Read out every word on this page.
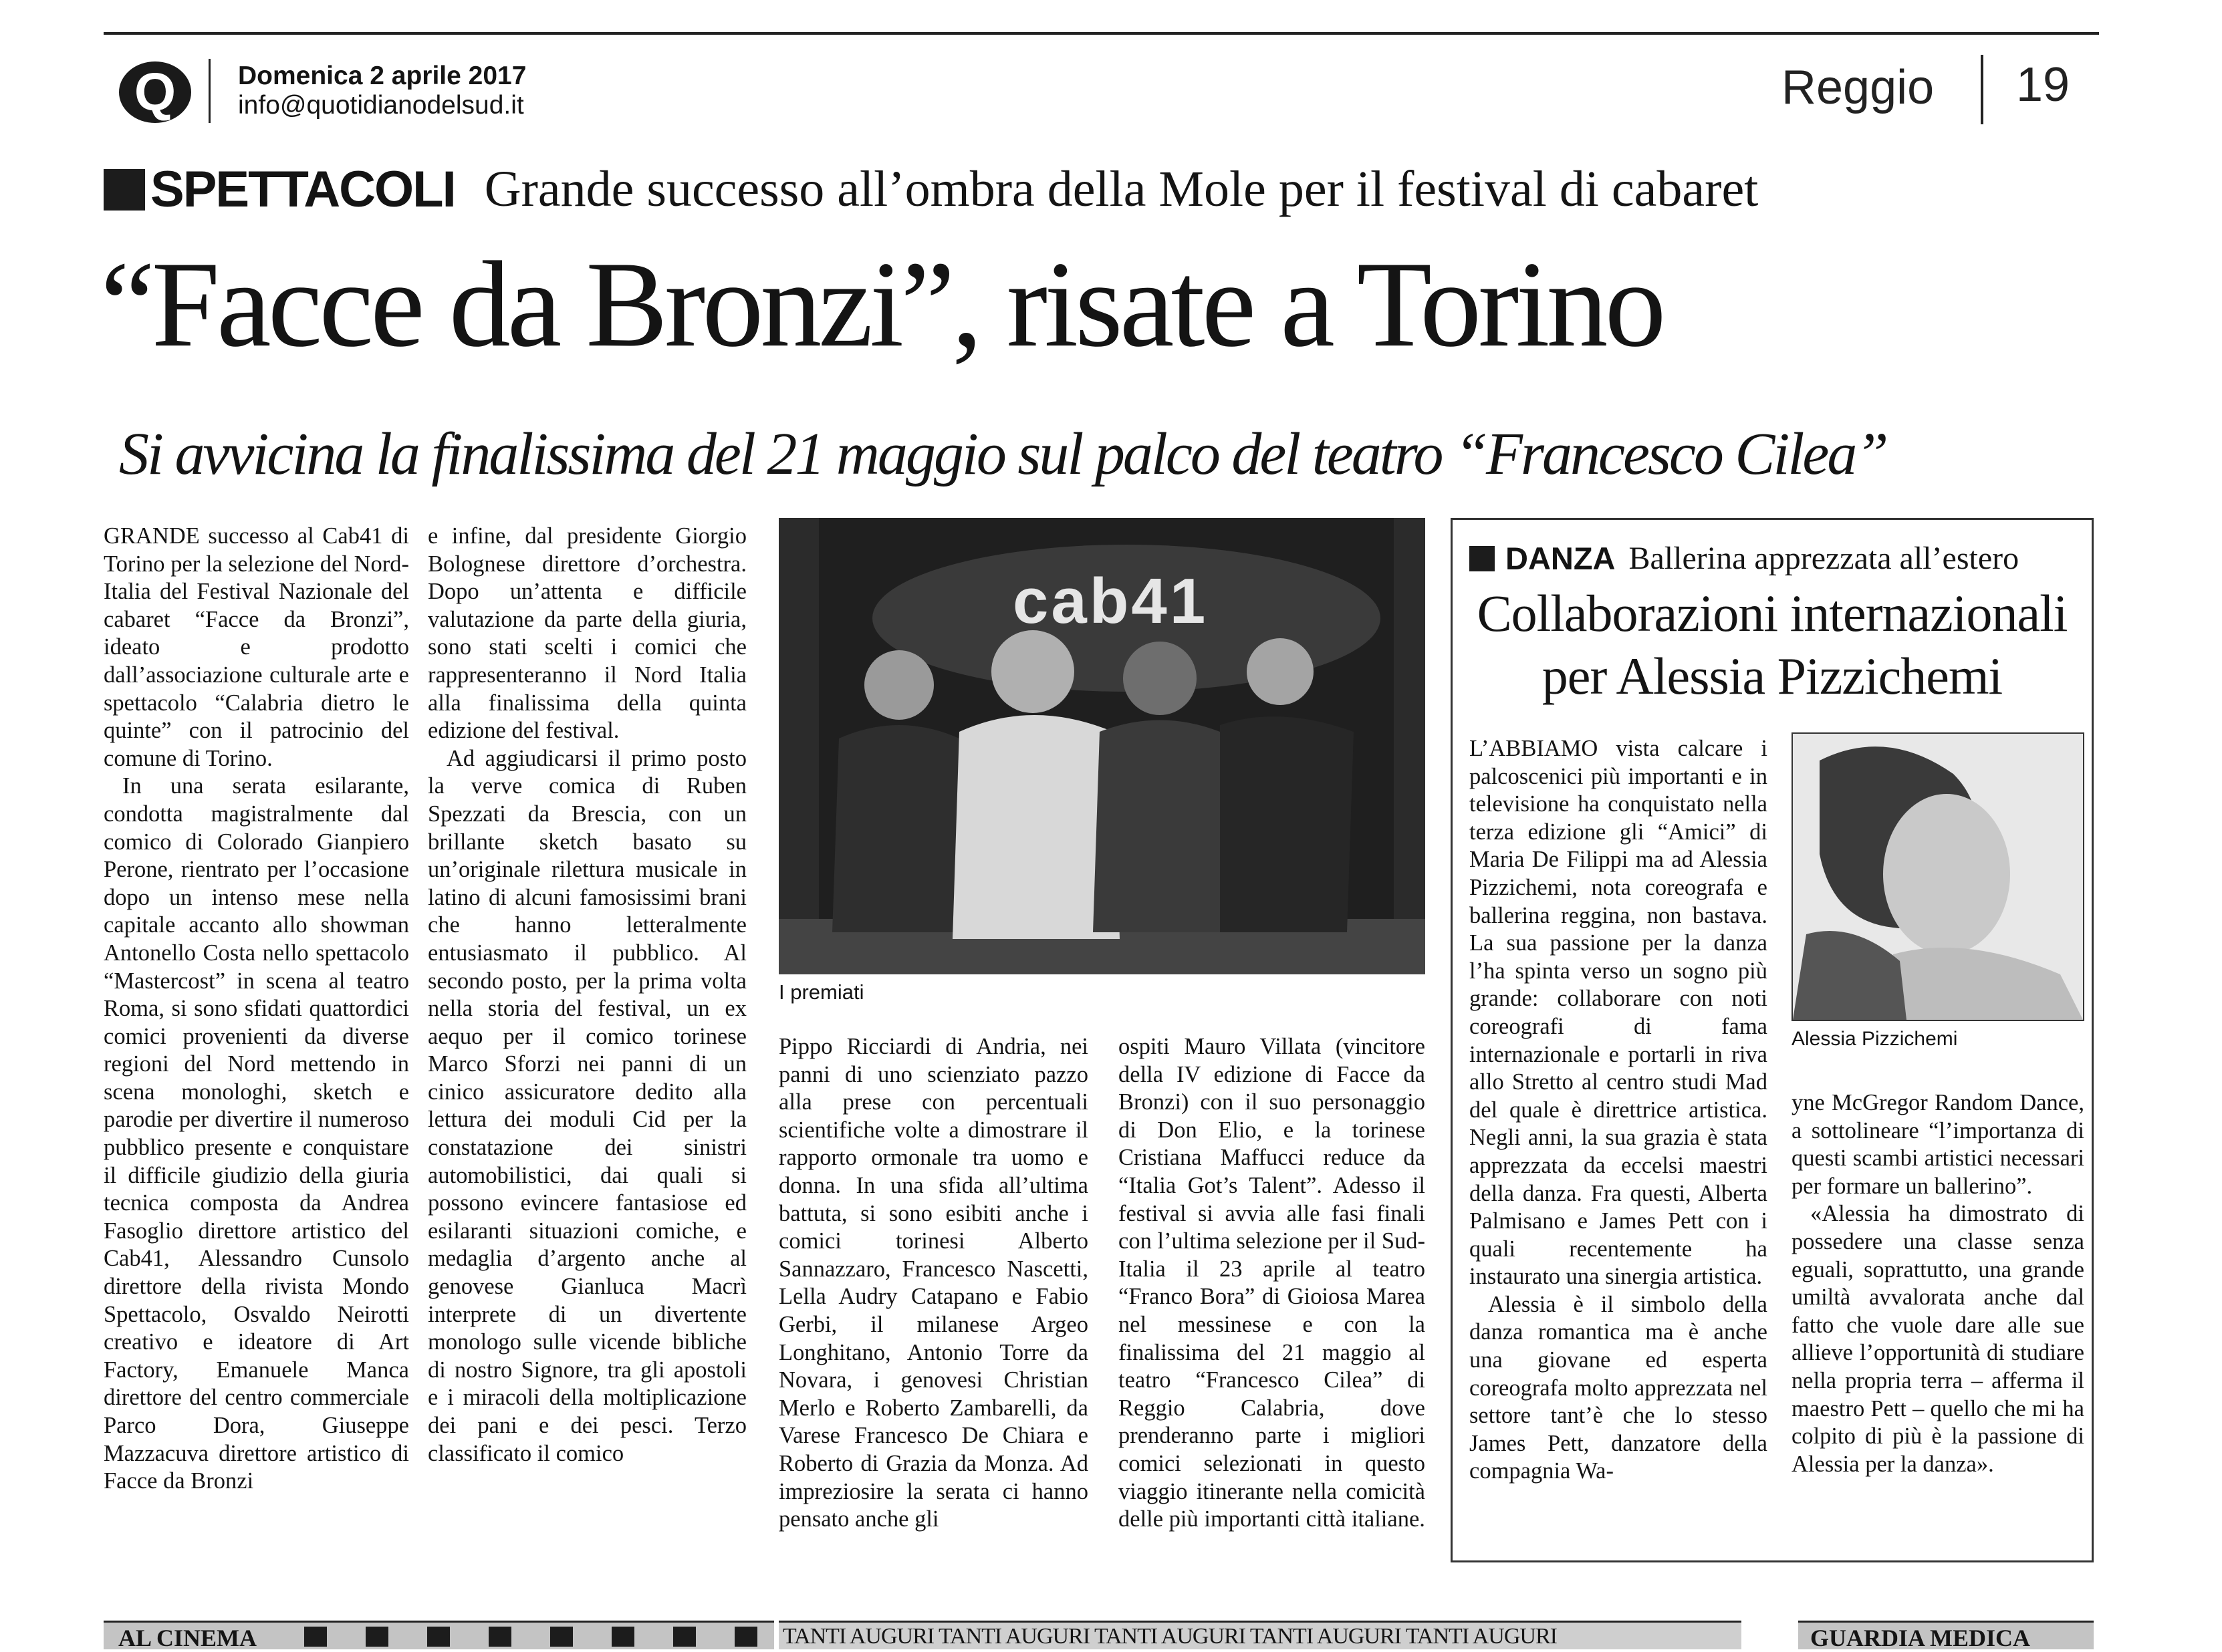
Q	Domenica 2 aprile 2017
info@quotidianodelsud.it	Reggio 19
SPETTACOLI Grande successo all’ombra della Mole per il festival di cabaret
“Facce da Bronzi”, risate a Torino
Si avvicina la finalissima del 21 maggio sul palco del teatro “Francesco Cilea”

GRANDE successo al Cab41 di Torino per la selezione del Nord-Italia del Festival Nazionale del cabaret “Facce da Bronzi”, ideato e prodotto dall’associazione culturale arte e spettacolo “Calabria dietro le quinte” con il patrocinio del comune di Torino.

In una serata esilarante, condotta magistralmente dal comico di Colorado Gianpiero Perone, rientrato per l’occasione dopo un intenso mese nella capitale accanto allo showman Antonello Costa nello spettacolo “Mastercost” in scena al teatro Roma, si sono sfidati quattordici comici provenienti da diverse regioni del Nord mettendo in scena monologhi, sketch e parodie per divertire il numeroso pubblico presente e conquistare il difficile giudizio della giuria tecnica composta da Andrea Fasoglio direttore artistico del Cab41, Alessandro Cunsolo direttore della rivista Mondo Spettacolo, Osvaldo Neirotti creativo e ideatore di Art Factory, Emanuele Manca direttore del centro commerciale Parco Dora, Giuseppe Mazzacuva direttore artistico di Facce da Bronzi

e infine, dal presidente Giorgio Bolognese direttore d’orchestra. Dopo un’attenta e difficile valutazione da parte della giuria, sono stati scelti i comici che rappresenteranno il Nord Italia alla finalissima della quinta edizione del festival.

Ad aggiudicarsi il primo posto la verve comica di Ruben Spezzati da Brescia, con un brillante sketch basato su un’originale rilettura musicale in latino di alcuni famosissimi brani che hanno letteralmente entusiasmato il pubblico. Al secondo posto, per la prima volta nella storia del festival, un ex aequo per il comico torinese Marco Sforzi nei panni di un cinico assicuratore dedito alla lettura dei moduli Cid per la constatazione dei sinistri automobilistici, dai quali si possono evincere fantasiose ed esilaranti situazioni comiche, e medaglia d’argento anche al genovese Gianluca Macrì interprete di un divertente monologo sulle vicende bibliche di nostro Signore, tra gli apostoli e i miracoli della moltiplicazione dei pani e dei pesci. Terzo classificato il comico

cab41
I premiati

Pippo Ricciardi di Andria, nei panni di uno scienziato pazzo alla prese con percentuali scientifiche volte a dimostrare il rapporto ormonale tra uomo e donna. In una sfida all’ultima battuta, si sono esibiti anche i comici torinesi Alberto Sannazzaro, Francesco Nascetti, Lella Audry Catapano e Fabio Gerbi, il milanese Argeo Longhitano, Antonio Torre da Novara, i genovesi Christian Merlo e Roberto Zambarelli, da Varese Francesco De Chiara e Roberto di Grazia da Monza. Ad impreziosire la serata ci hanno pensato anche gli

ospiti Mauro Villata (vincitore della IV edizione di Facce da Bronzi) con il suo personaggio di Don Elio, e la torinese Cristiana Maffucci reduce da “Italia Got’s Talent”. Adesso il festival si avvia alle fasi finali con l’ultima selezione per il Sud-Italia il 23 aprile al teatro “Franco Bora” di Gioiosa Marea nel messinese e con la finalissima del 21 maggio al teatro “Francesco Cilea” di Reggio Calabria, dove prenderanno parte i migliori comici selezionati in questo viaggio itinerante nella comicità delle più importanti città italiane.

DANZA Ballerina apprezzata all’estero
Collaborazioni internazionali
per Alessia Pizzichemi

L’ABBIAMO vista calcare i palcoscenici più importanti e in televisione ha conquistato nella terza edizione gli “Amici” di Maria De Filippi ma ad Alessia Pizzichemi, nota coreografa e ballerina reggina, non bastava. La sua passione per la danza l’ha spinta verso un sogno più grande: collaborare con noti coreografi di fama internazionale e portarli in riva allo Stretto al centro studi Mad del quale è direttrice artistica. Negli anni, la sua grazia è stata apprezzata da eccelsi maestri della danza. Fra questi, Alberta Palmisano e James Pett con i quali recentemente ha instaurato una sinergia artistica.

Alessia è il simbolo della danza romantica ma è anche una giovane ed esperta coreografa molto apprezzata nel settore tant’è che lo stesso James Pett, danzatore della compagnia Wa-

Alessia Pizzichemi

yne McGregor Random Dance, a sottolineare “l’importanza di questi scambi artistici necessari per formare un ballerino”.

«Alessia ha dimostrato di possedere una classe senza eguali, soprattutto, una grande umiltà avvalorata anche dal fatto che vuole dare alle sue allieve l’opportunità di studiare nella propria terra – afferma il maestro Pett – quello che mi ha colpito di più è la passione di Alessia per la danza».

AL CINEMA	TANTI AUGURI TANTI AUGURI TANTI AUGURI TANTI AUGURI TANTI AUGURI	GUARDIA MEDICA
